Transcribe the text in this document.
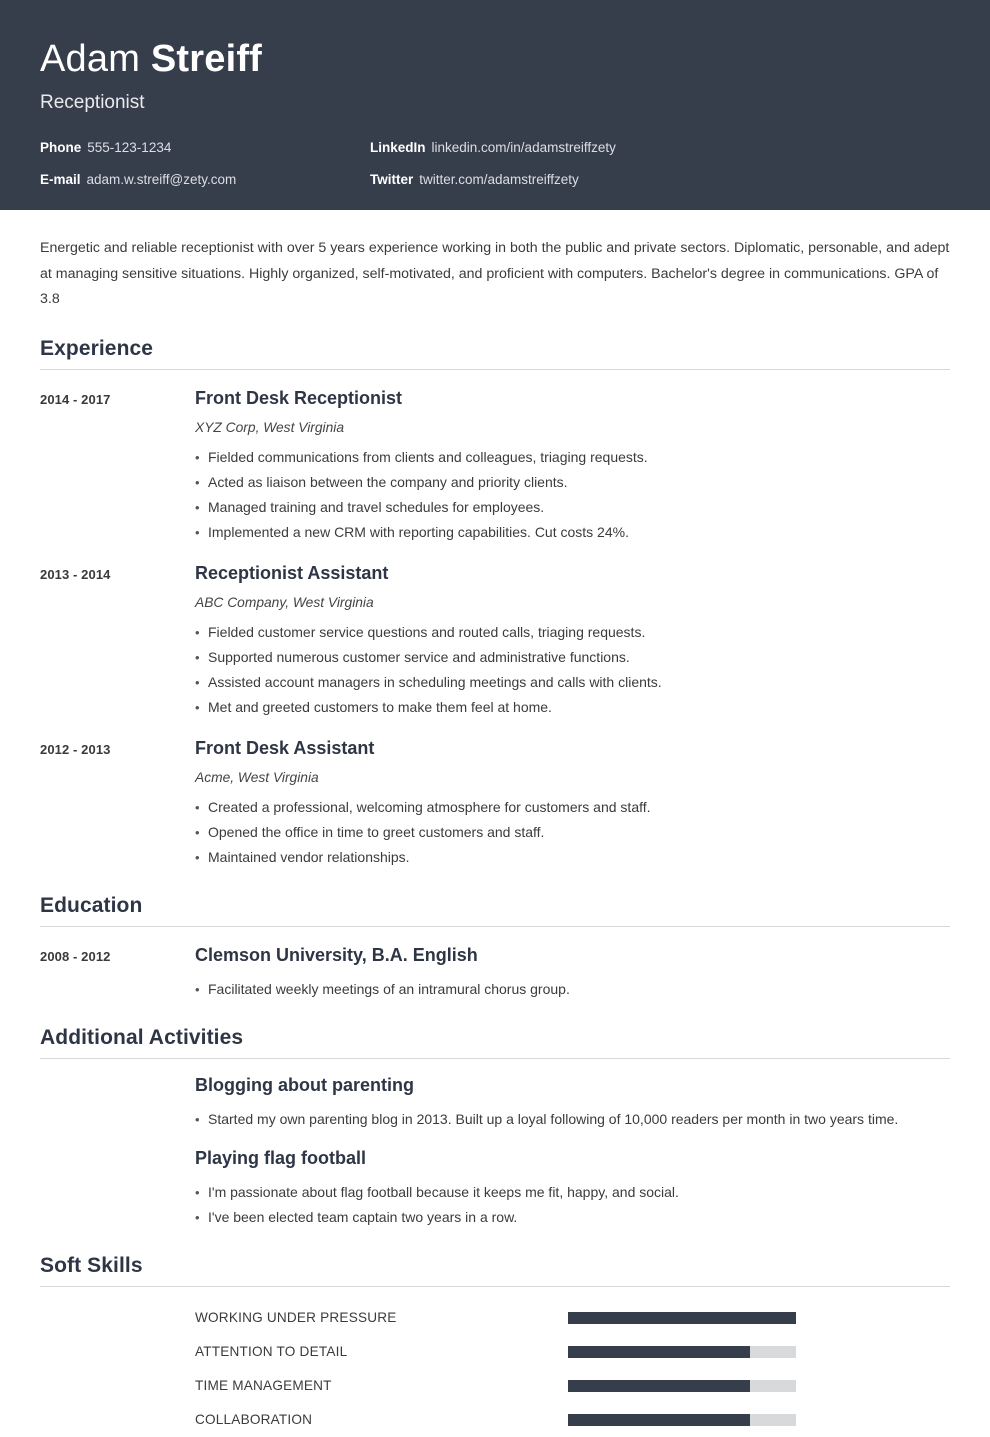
Adam Streiff
Receptionist
Phone 555-123-1234	LinkedIn linkedin.com/in/adamstreiffzety
E-mail adam.w.streiff@zety.com	Twitter twitter.com/adamstreiffzety
Energetic and reliable receptionist with over 5 years experience working in both the public and private sectors. Diplomatic, personable, and adept at managing sensitive situations. Highly organized, self-motivated, and proficient with computers. Bachelor's degree in communications. GPA of 3.8
Experience
2014 - 2017	Front Desk Receptionist
XYZ Corp, West Virginia
• Fielded communications from clients and colleagues, triaging requests.
• Acted as liaison between the company and priority clients.
• Managed training and travel schedules for employees.
• Implemented a new CRM with reporting capabilities. Cut costs 24%.
2013 - 2014	Receptionist Assistant
ABC Company, West Virginia
• Fielded customer service questions and routed calls, triaging requests.
• Supported numerous customer service and administrative functions.
• Assisted account managers in scheduling meetings and calls with clients.
• Met and greeted customers to make them feel at home.
2012 - 2013	Front Desk Assistant
Acme, West Virginia
• Created a professional, welcoming atmosphere for customers and staff.
• Opened the office in time to greet customers and staff.
• Maintained vendor relationships.
Education
2008 - 2012	Clemson University, B.A. English
• Facilitated weekly meetings of an intramural chorus group.
Additional Activities
Blogging about parenting
• Started my own parenting blog in 2013. Built up a loyal following of 10,000 readers per month in two years time.
Playing flag football
• I'm passionate about flag football because it keeps me fit, happy, and social.
• I've been elected team captain two years in a row.
Soft Skills
WORKING UNDER PRESSURE
ATTENTION TO DETAIL
TIME MANAGEMENT
COLLABORATION
